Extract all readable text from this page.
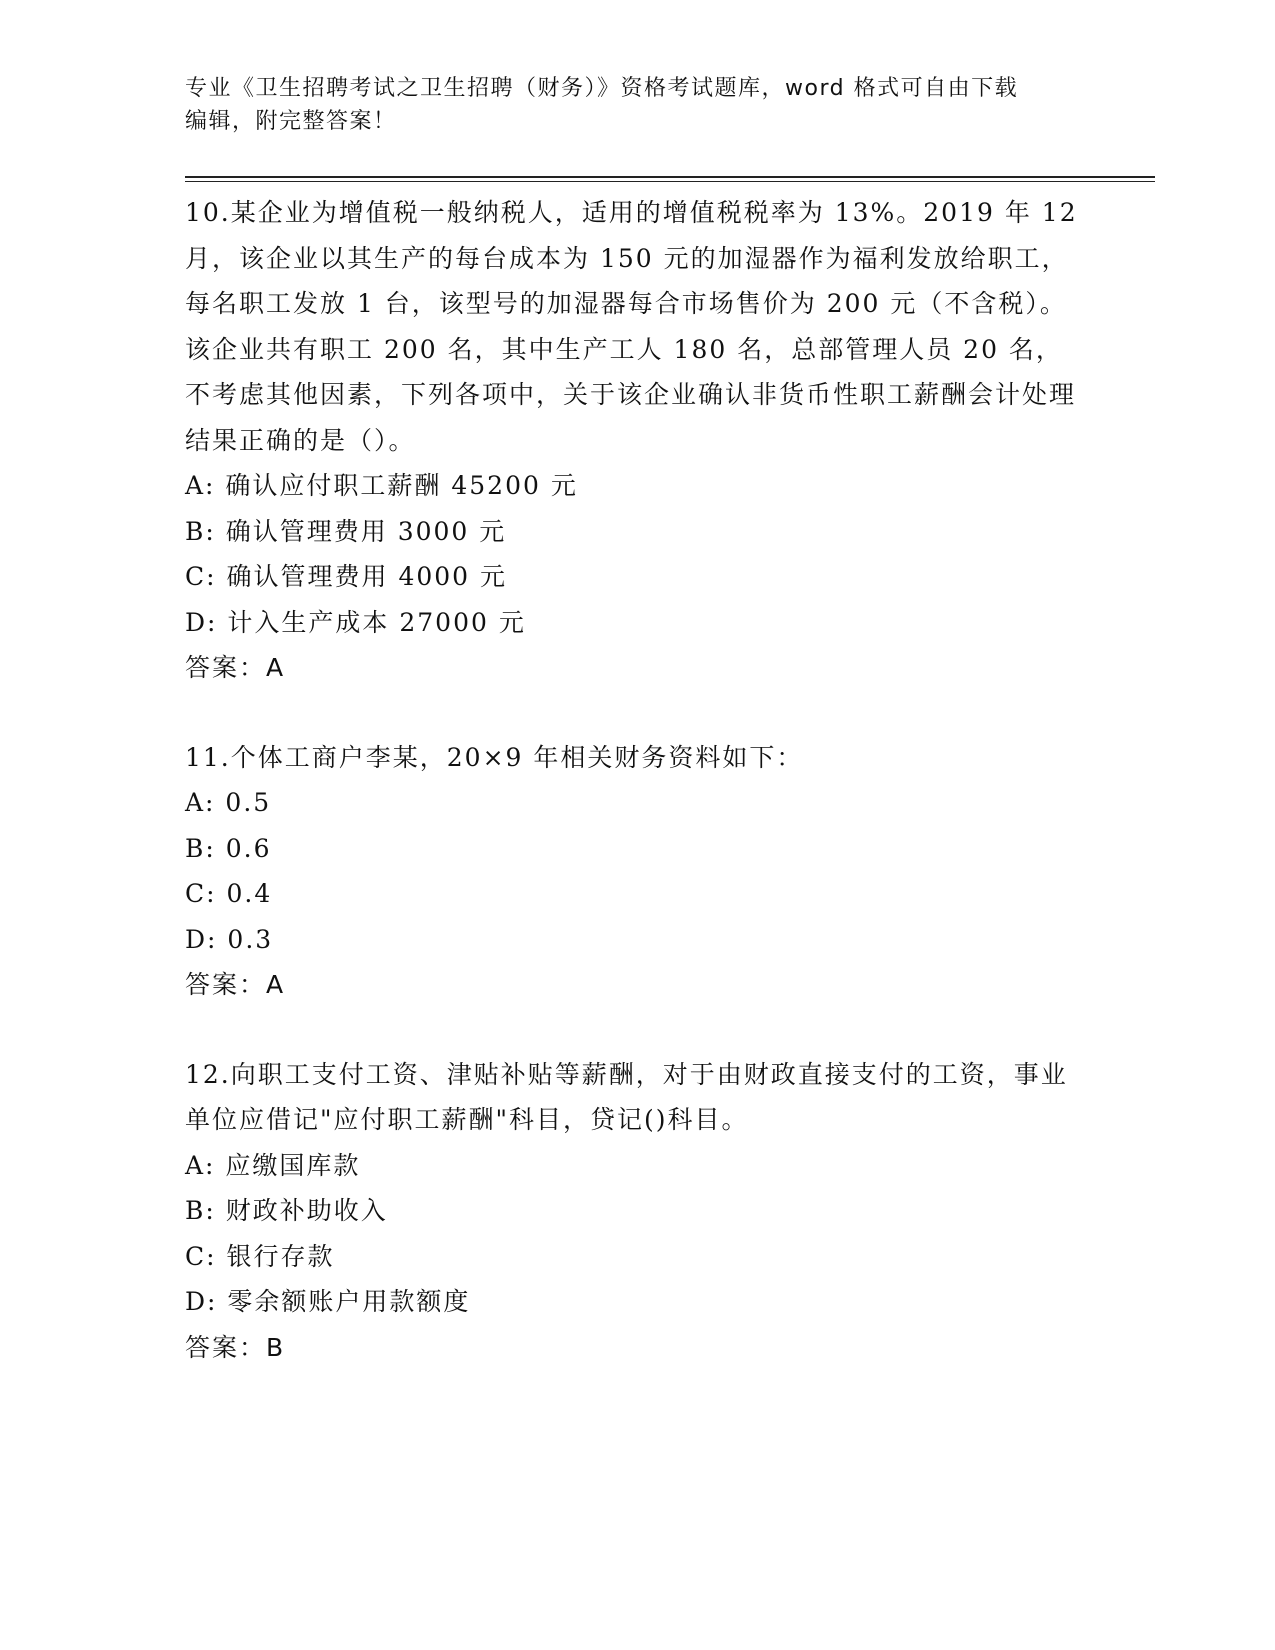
专业《卫生招聘考试之卫生招聘（财务）》资格考试题库，word 格式可自由下载
编辑，附完整答案！
10.某企业为增值税一般纳税人，适用的增值税税率为 13%。2019 年 12 月，该企业以其生产的每台成本为 150 元的加湿器作为福利发放给职工，每名职工发放 1 台，该型号的加湿器每合市场售价为 200 元（不含税）。该企业共有职工 200 名，其中生产工人 180 名，总部管理人员 20 名，不考虑其他因素，下列各项中，关于该企业确认非货币性职工薪酬会计处理结果正确的是（）。
A: 确认应付职工薪酬 45200 元
B: 确认管理费用 3000 元
C: 确认管理费用 4000 元
D: 计入生产成本 27000 元
答案：A
11.个体工商户李某，20×9 年相关财务资料如下：
A: 0.5
B: 0.6
C: 0.4
D: 0.3
答案：A
12.向职工支付工资、津贴补贴等薪酬，对于由财政直接支付的工资，事业单位应借记"应付职工薪酬"科目，贷记()科目。
A: 应缴国库款
B: 财政补助收入
C: 银行存款
D: 零余额账户用款额度
答案：B
